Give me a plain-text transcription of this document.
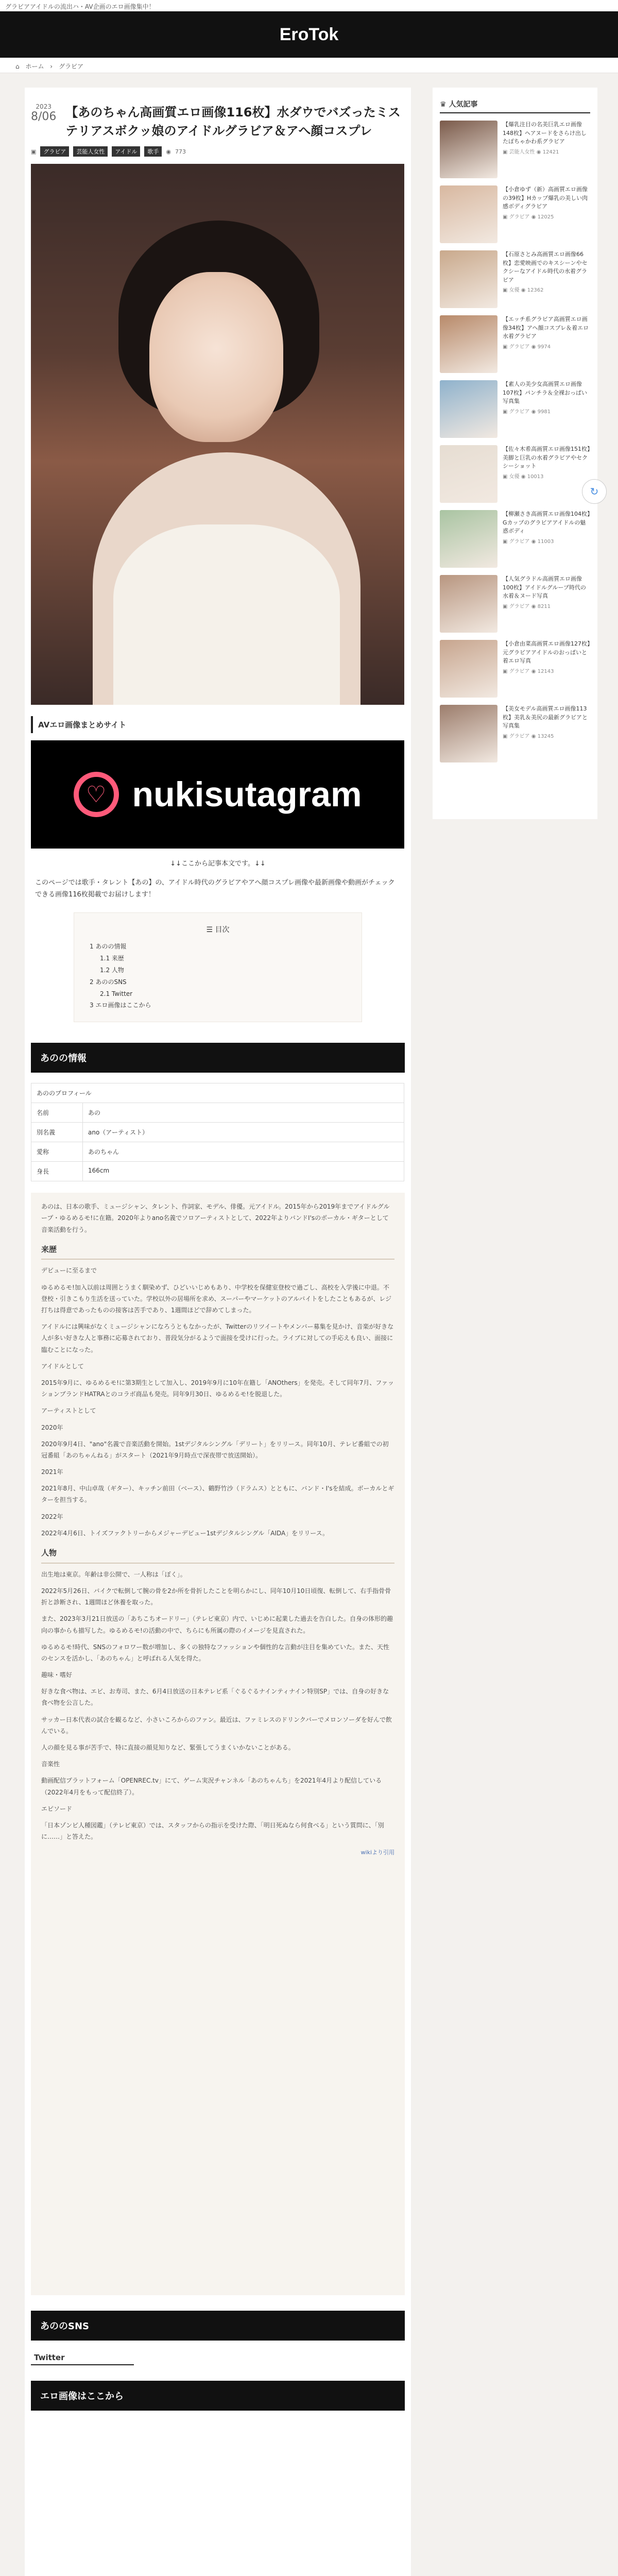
グラビアアイドルの流出ハ・AV企画のエロ画像集中！
EroTok
⌂ ホーム › グラビア
2023
8/06 【あのちゃん高画質エロ画像116枚】水ダウでバズったミステリアスボクッ娘のアイドルグラビア＆アへ顔コスプレ
▣	グラビア	芸能人女性	アイドル	歌手	◉ 773
AVエロ画像まとめサイト
♡ nukisutagram

↓↓ここから記事本文です。↓↓

このページでは歌手・タレント【あの】の、アイドル時代のグラビアやアへ顔コスプレ画像や最新画像や動画がチェックできる画像116枚掲載でお届けします！

☰ 目次
1 あのの情報
1.1 来歴
1.2 人物
2 あののSNS
2.1 Twitter
3 エロ画像はここから
あのの情報
あののプロフィール
名前	あの
別名義	ano（アーティスト）
愛称	あのちゃん
身長	166cm

あのは、日本の歌手、ミュージシャン、タレント、作詞家、モデル、俳優。元アイドル。2015年から2019年までアイドルグループ・ゆるめるモ!に在籍。2020年よりano名義でソロアーティストとして、2022年よりバンドI'sのボーカル・ギターとして音楽活動を行う。

来歴

デビューに至るまで

ゆるめるモ!加入以前は周囲とうまく馴染めず、ひどいいじめもあり、中学校を保健室登校で過ごし、高校を入学後に中退。不登校・引きこもり生活を送っていた。学校以外の居場所を求め、スーパーやマーケットのアルバイトをしたこともあるが、レジ打ちは得意であったものの接客は苦手であり、1週間ほどで辞めてしまった。

アイドルには興味がなくミュージシャンになろうともなかったが、Twitterのリツイートやメンバー募集を見かけ、音楽が好きな人が多い好きな人と事務に応募されており、普段気分がるようで面接を受けに行った。ライブに対しての手応えも良い、面接に臨むことになった。

アイドルとして

2015年9月に、ゆるめるモ!に第3期生として加入し、2019年9月に10年在籍し「ANOthers」を発売。そして同年7月、ファッションブランドHATRAとのコラボ商品も発売。同年9月30日、ゆるめるモ!を脱退した。

アーティストとして

2020年

2020年9月4日、"ano"名義で音楽活動を開始。1stデジタルシングル「デリート」をリリース。同年10月、テレビ番組での初冠番組「あのちゃんねる」がスタート（2021年9月時点で深夜帯で放送開始）。

2021年

2021年8月、中山卓哉（ギター）、キッチン前田（ベース）、鶴野竹沙（ドラムス）とともに、バンド・I'sを結成。ボーカルとギターを担当する。

2022年

2022年4月6日、トイズファクトリーからメジャーデビュー1stデジタルシングル「AIDA」をリリース。

人物

出生地は東京。年齢は非公開で、一人称は「ぼく」。

2022年5月26日、バイクで転倒して腕の骨を2か所を骨折したことを明らかにし、同年10月10日頃復、転倒して、右手指骨骨折と診断され、1週間ほど休養を取った。

また、2023年3月21日放送の「あちこちオードリー」（テレビ東京）内で、いじめに起業した過去を告白した。自身の体形的趣向の事からも描写した。ゆるめるモ!の活動の中で、ちらにも所属の際のイメージを見直された。

ゆるめるモ!時代、SNSのフォロワー数が増加し、多くの独特なファッションや個性的な言動が注目を集めていた。また、天性のセンスを活かし、「あのちゃん」と呼ばれる人気を得た。

趣味・嗜好

好きな食べ物は、エビ、お寿司、また、6月4日放送の日本テレビ系「ぐるぐるナインティナイン特別SP」では、自身の好きな食べ物を公言した。

サッカー日本代表の試合を観るなど、小さいころからのファン。最近は、ファミレスのドリンクバーでメロンソーダを好んで飲んでいる。

人の顔を見る事が苦手で、特に直接の顔見知りなど、緊張してうまくいかないことがある。

音楽性

動画配信プラットフォーム「OPENREC.tv」にて、ゲーム実況チャンネル「あのちゃんち」を2021年4月より配信している（2022年4月をもって配信終了）。

エピソード

「日本ゾンビ人種図鑑」（テレビ東京）では、スタッフからの指示を受けた際、「明日死ぬなら何食べる」という質問に、「別に……」と答えた。

wikiより引用

あののSNS
Twitter
エロ画像はここから
♛ 人気記事
【爆乳注目の名美巨乳エロ画像148枚】ヘアヌードをさらけ出したぽちゃかわ系グラビア
▣ 芸能人女性 ◉ 12421
【小倉ゆず（新）高画質エロ画像の39枚】Hカップ爆乳の美しい肉感ボディグラビア
▣ グラビア ◉ 12025
【石原さとみ高画質エロ画像66枚】恋愛映画でのキスシーンやセクシーなアイドル時代の水着グラビア
▣ 女優 ◉ 12362
【エッチ系グラビア高画質エロ画像34枚】アヘ顔コスプレ＆着エロ水着グラビア
▣ グラビア ◉ 9974
【素人の美少女高画質エロ画像107枚】パンチラ＆全裸おっぱい写真集
▣ グラビア ◉ 9981
【佐々木希高画質エロ画像151枚】美脚と巨乳の水着グラビアやセクシーショット
▣ 女優 ◉ 10013
【柳瀬さき高画質エロ画像104枚】Gカップのグラビアアイドルの魅惑ボディ
▣ グラビア ◉ 11003
【人気グラドル高画質エロ画像100枚】アイドルグループ時代の水着＆ヌード写真
▣ グラビア ◉ 8211
【小倉由菜高画質エロ画像127枚】元グラビアアイドルのおっぱいと着エロ写真
▣ グラビア ◉ 12143
【美女モデル高画質エロ画像113枚】美乳＆美尻の最新グラビアと写真集
▣ グラビア ◉ 13245
↻
